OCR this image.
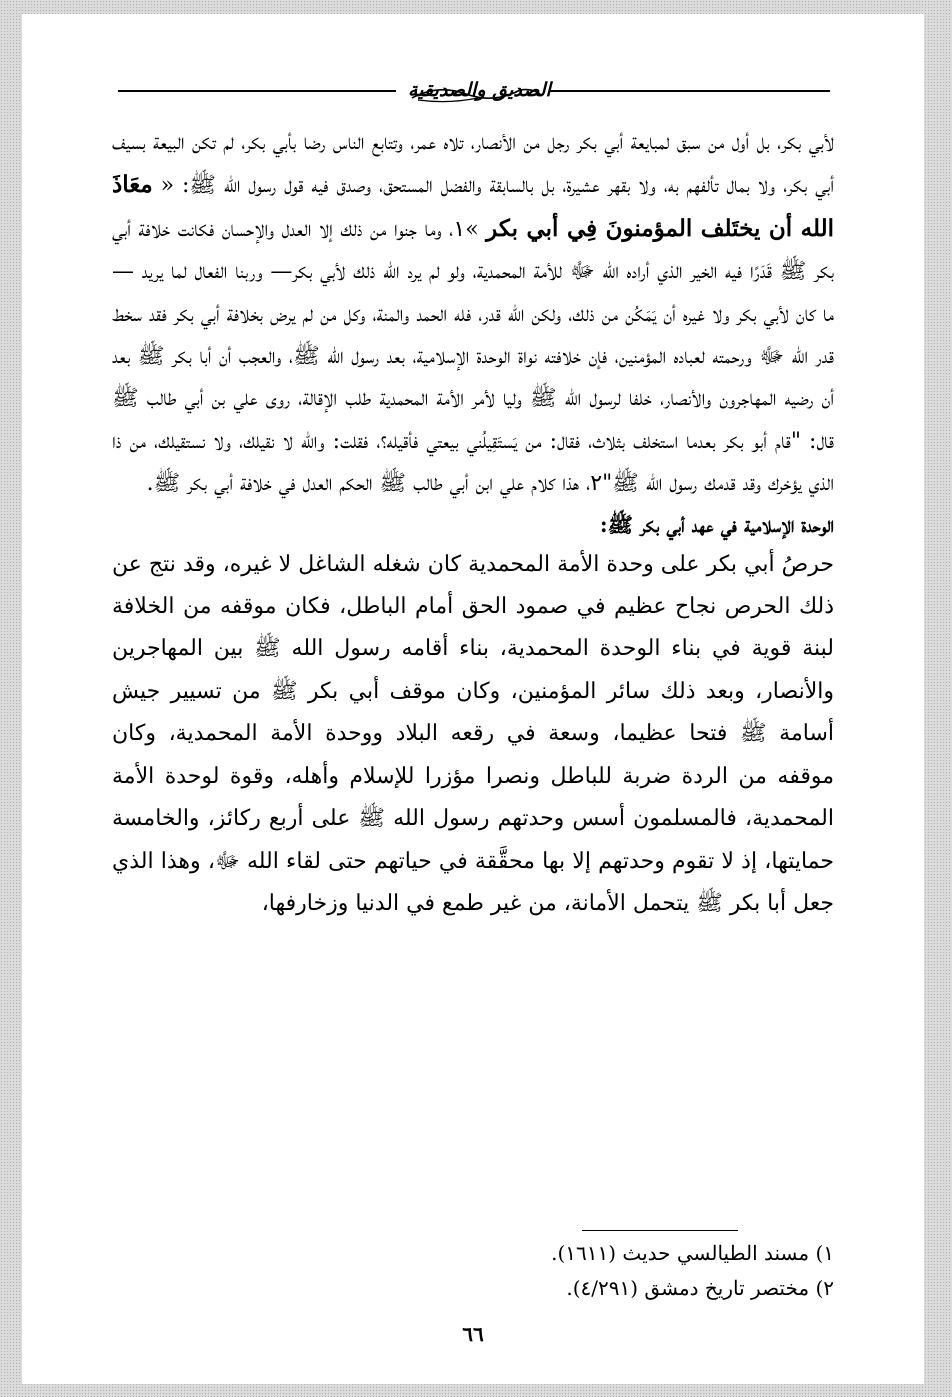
الصديق والصديقية

لأبي بكر، بل أول من سبق لمبايعة أبي بكر رجل من الأنصار، تلاه عمر، وتتابع الناس رضا بأبي بكر، لم تكن البيعة بسيف أبي بكر، ولا بمال تألفهم به، ولا بقهر عشيرة، بل بالسابقة والفضل المستحق، وصدق فيه قول رسول الله ﷺ: « معَاذَ الله أن يختَلف المؤمنونَ فِي أبي بكر »١، وما جنوا من ذلك إلا العدل والإحسان فكانت خلافة أبي بكر ﷺ قَدَرًا فيه الخير الذي أراده الله ﷻ للأمة المحمدية، ولو لم يرد الله ذلك لأبي بكر— وربنا الفعال لما يريد — ما كان لأبي بكر ولا غيره أن يَمَكُن من ذلك، ولكن الله قدر، فله الحمد والمنة، وكل من لم يرض بخلافة أبي بكر فقد سخط قدر الله ﷻ ورحمته لعباده المؤمنين، فإن خلافته نواة الوحدة الإسلامية، بعد رسول الله ﷺ، والعجب أن أبا بكر ﷺ بعد أن رضيه المهاجرون والأنصار، خلفا لرسول الله ﷺ وليا لأمر الأمة المحمدية طلب الإقالة، روى علي بن أبي طالب ﷺ قال: "قام أبو بكر بعدما استخلف بثلاث، فقال: من يَستَقِيلُني بيعتي فأقيله؟، فقلت: والله لا نقيلك، ولا نستقيلك، من ذا الذي يؤخرك وقد قدمك رسول الله ﷺ"٢، هذا كلام علي ابن أبي طالب ﷺ الحكم العدل في خلافة أبي بكر ﷺ.

الوحدة الإسلامية في عهد أبي بكر ﷺ:

حرصُ أبي بكر على وحدة الأمة المحمدية كان شغله الشاغل لا غيره، وقد نتج عن ذلك الحرص نجاح عظيم في صمود الحق أمام الباطل، فكان موقفه من الخلافة لبنة قوية في بناء الوحدة المحمدية، بناء أقامه رسول الله ﷺ بين المهاجرين والأنصار، وبعد ذلك سائر المؤمنين، وكان موقف أبي بكر ﷺ من تسيير جيش أسامة ﷺ فتحا عظيما، وسعة في رقعه البلاد ووحدة الأمة المحمدية، وكان موقفه من الردة ضربة للباطل ونصرا مؤزرا للإسلام وأهله، وقوة لوحدة الأمة المحمدية، فالمسلمون أسس وحدتهم رسول الله ﷺ على أربع ركائز، والخامسة حمايتها، إذ لا تقوم وحدتهم إلا بها محقَّقة في حياتهم حتى لقاء الله ﷻ، وهذا الذي جعل أبا بكر ﷺ يتحمل الأمانة، من غير طمع في الدنيا وزخارفها،

١) مسند الطيالسي حديث (١٦١١).
٢) مختصر تاريخ دمشق (٤/٢٩١).
٦٦
